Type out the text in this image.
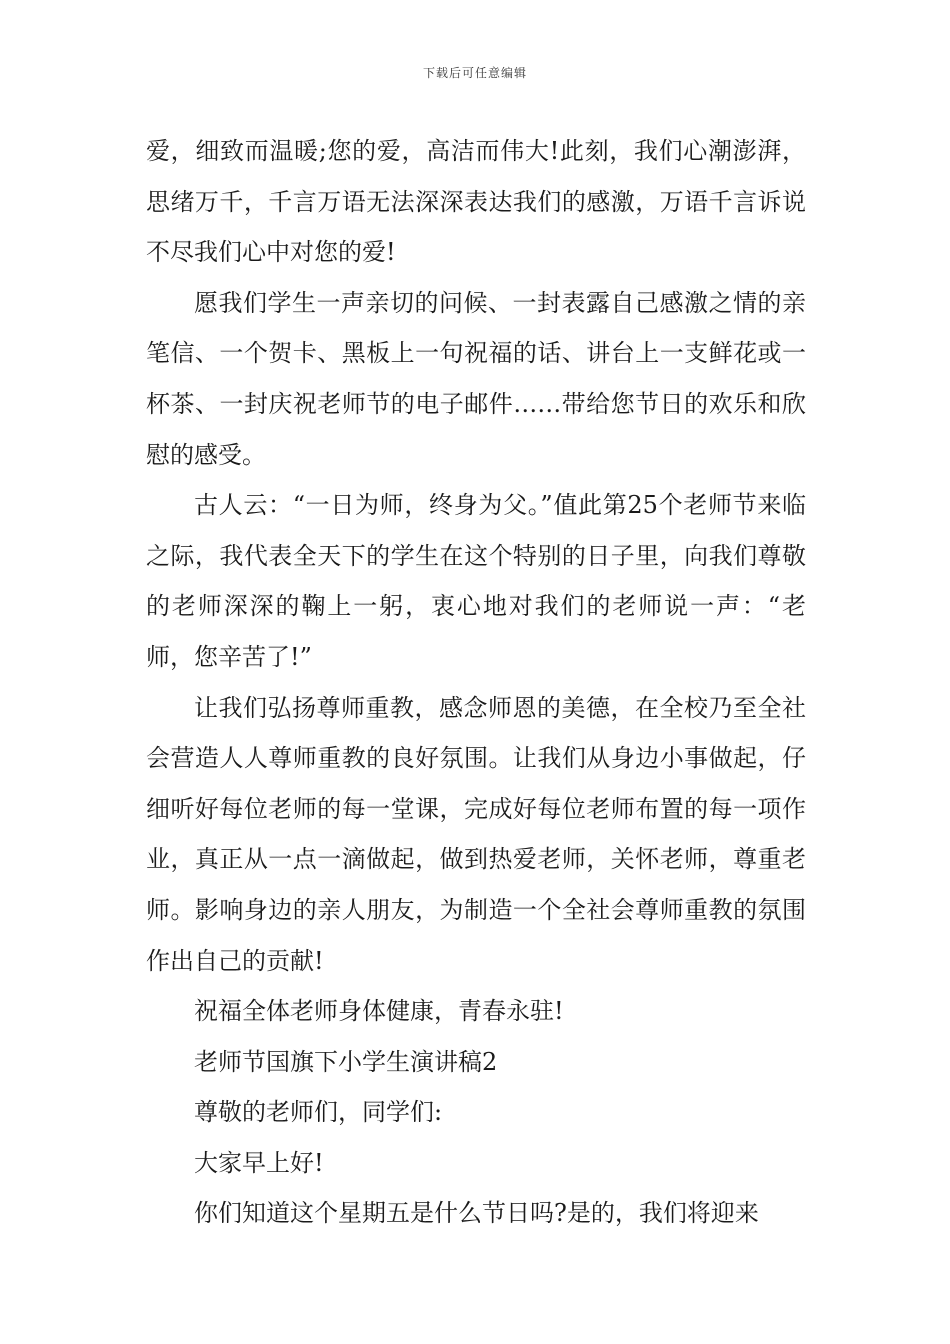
下载后可任意编辑

爱，细致而温暖;您的爱，高洁而伟大!此刻，我们心潮澎湃，思绪万千，千言万语无法深深表达我们的感激，万语千言诉说不尽我们心中对您的爱!

愿我们学生一声亲切的问候、一封表露自己感激之情的亲笔信、一个贺卡、黑板上一句祝福的话、讲台上一支鲜花或一杯茶、一封庆祝老师节的电子邮件……带给您节日的欢乐和欣慰的感受。

古人云：“一日为师，终身为父。”值此第25个老师节来临之际，我代表全天下的学生在这个特别的日子里，向我们尊敬的老师深深的鞠上一躬，衷心地对我们的老师说一声：“老师，您辛苦了!”

让我们弘扬尊师重教，感念师恩的美德，在全校乃至全社会营造人人尊师重教的良好氛围。让我们从身边小事做起，仔细听好每位老师的每一堂课，完成好每位老师布置的每一项作业，真正从一点一滴做起，做到热爱老师，关怀老师，尊重老师。影响身边的亲人朋友，为制造一个全社会尊师重教的氛围作出自己的贡献!

祝福全体老师身体健康，青春永驻!

老师节国旗下小学生演讲稿2

尊敬的老师们，同学们:

大家早上好!

你们知道这个星期五是什么节日吗?是的，我们将迎来
